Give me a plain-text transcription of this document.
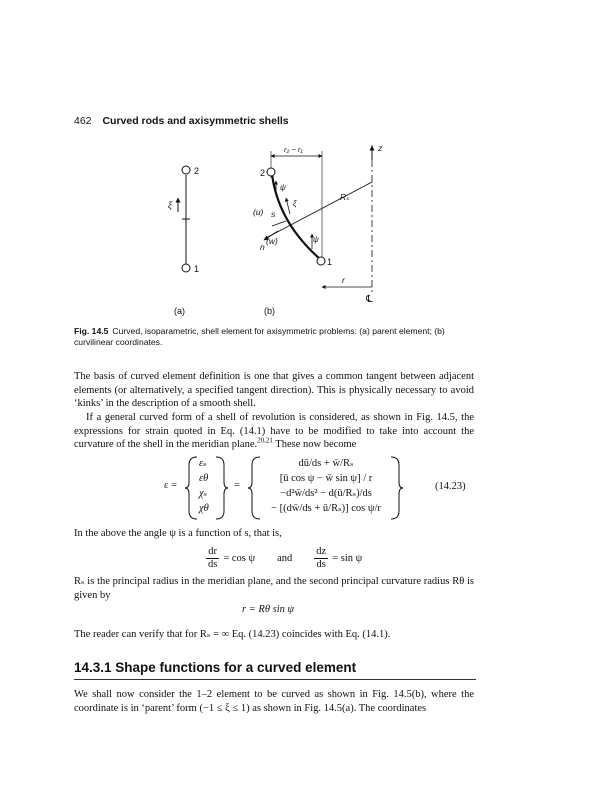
462 Curved rods and axisymmetric shells
2
1
ξ
r₂ − r₁	z
℄
r
2
1
n
Rₛ
s
ξ
ψ
ψ
(u)
(w)
(a)	(b)
Fig. 14.5 Curved, isoparametric, shell element for axisymmetric problems: (a) parent element; (b) curvilinear coordinates.
The basis of curved element definition is one that gives a common tangent between adjacent elements (or alternatively, a specified tangent direction). This is physically necessary to avoid ‘kinks’ in the description of a smooth shell.
If a general curved form of a shell of revolution is considered, as shown in Fig. 14.5, the expressions for strain quoted in Eq. (14.1) have to be modified to take into account the curvature of the shell in the meridian plane.$^{20,21}$ These now become
ε =
εₛ
εθ
χₛ
χθ
=
dū/ds + w̄/Rₛ
[ū cos ψ − w̄ sin ψ] / r
−d²w̄/ds² − d(ū/Rₛ)/ds
− [(dw̄/ds + ū/Rₛ)] cos ψ/r
(14.23)
In the above the angle ψ is a function of s, that is,
$\frac{dr}{ds} = \cos \psi$ and $\frac{dz}{ds} = \sin \psi$
Rₛ is the principal radius in the meridian plane, and the second principal curvature radius Rθ is given by
r = Rθ sin ψ
The reader can verify that for Rₛ = ∞ Eq. (14.23) coincides with Eq. (14.1).
14.3.1 Shape functions for a curved element
We shall now consider the 1–2 element to be curved as shown in Fig. 14.5(b), where the coordinate is in ‘parent’ form (−1 ≤ ξ ≤ 1) as shown in Fig. 14.5(a). The coordinates
